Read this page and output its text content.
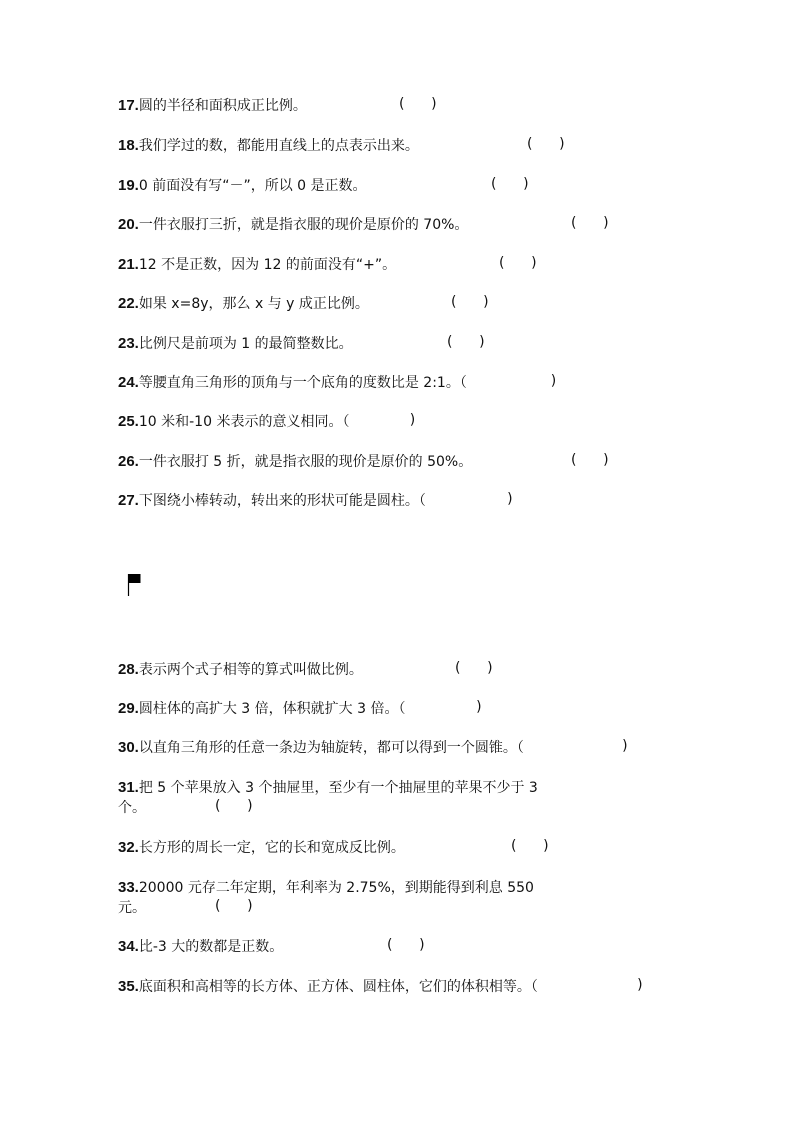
17.圆的半径和面积成正比例。	(      )
18.我们学过的数，都能用直线上的点表示出来。	(      )
19.0 前面没有写“－”，所以 0 是正数。	(      )
20.一件衣服打三折，就是指衣服的现价是原价的 70%。	(      )
21.12 不是正数，因为 12 的前面没有“+”。	(      )
22.如果 x=8y，那么 x 与 y 成正比例。	(      )
23.比例尺是前项为 1 的最简整数比。	(      )
24.等腰直角三角形的顶角与一个底角的度数比是 2:1。（	)
25.10 米和-10 米表示的意义相同。（ )
26.一件衣服打 5 折，就是指衣服的现价是原价的 50%。	(      )
27.下图绕小棒转动，转出来的形状可能是圆柱。（	)
28.表示两个式子相等的算式叫做比例。	(      )
29.圆柱体的高扩大 3 倍，体积就扩大 3 倍。（	)
30.以直角三角形的任意一条边为轴旋转，都可以得到一个圆锥。（	)
31.把 5 个苹果放入 3 个抽屉里，至少有一个抽屉里的苹果不少于 3
个。	(      )
32.长方形的周长一定，它的长和宽成反比例。	(      )
33.20000 元存二年定期，年利率为 2.75%，到期能得到利息 550
元。	(      )
34.比-3 大的数都是正数。	(      )
35.底面积和高相等的长方体、正方体、圆柱体，它们的体积相等。（	)
